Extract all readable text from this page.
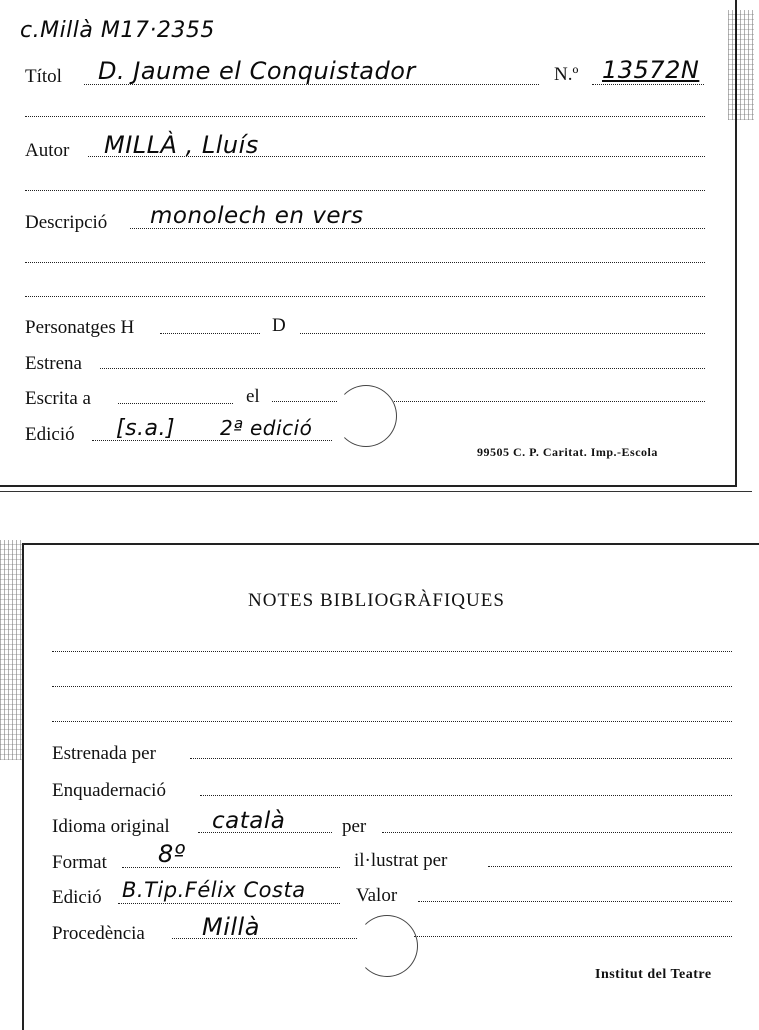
c.Millà M17·2355
Títol D. Jaume el Conquistador	N.º 13572N
Autor MILLÀ , Lluís
Descripció monolech en vers
Personatges H	D
Estrena
Escrita a	el
Edició [s.a.] 2ª edició
99505 C. P. Caritat. Imp.-Escola
NOTES BIBLIOGRÀFIQUES
Estrenada per
Enquadernació
Idioma original català	per
Format 8º	il·lustrat per
Edició B.Tip.Félix Costa	Valor
Procedència Millà
Institut del Teatre
